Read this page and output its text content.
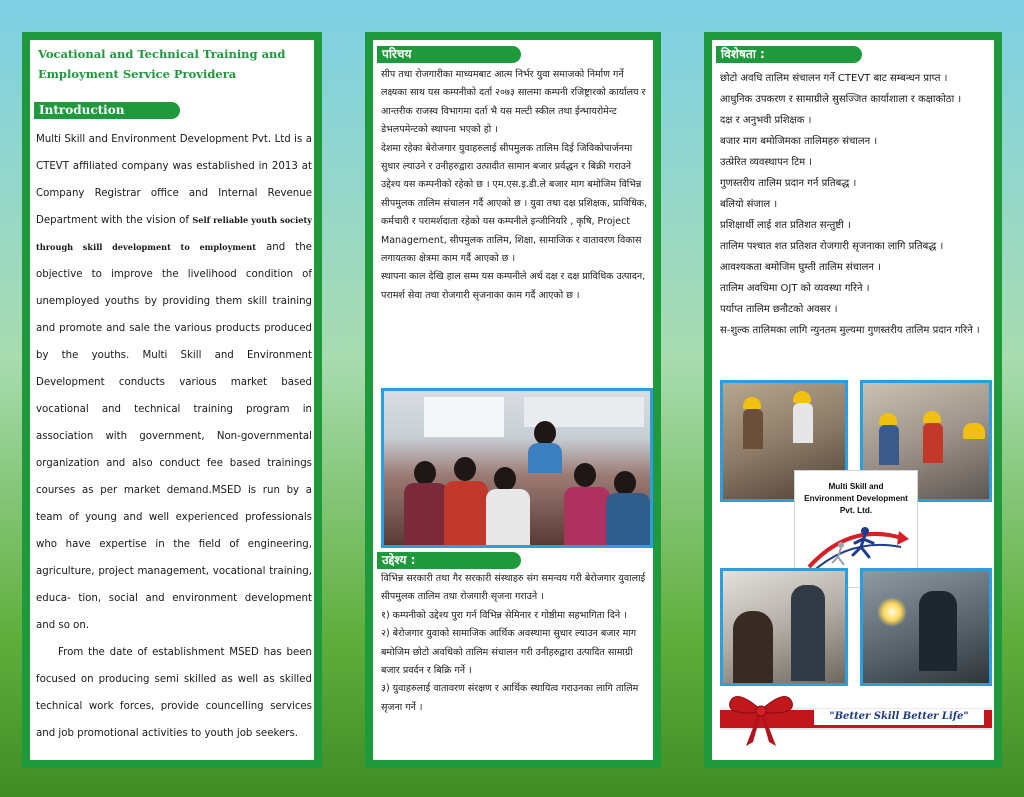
Vocational and Technical Training and Employment Service Providera
Introduction

Multi Skill and Environment Development Pvt. Ltd is a CTEVT affiliated company was established in 2013 at Company Registrar office and Internal Revenue Department with the vision of Self reliable youth society through skill development to employment and the objective to improve the livelihood condition of unemployed youths by providing them skill training and promote and sale the various products produced by the youths. Multi Skill and Environment Development conducts various market based vocational and technical training program in association with government, Non-governmental organization and also conduct fee based trainings courses as per market demand.MSED is run by a team of young and well experienced professionals who have expertise in the field of engineering, agriculture, project management, vocational training, educa- tion, social and environment development and so on.

From the date of establishment MSED has been focused on producing semi skilled as well as skilled technical work forces, provide councelling services and job promotional activities to youth job seekers.

परिचय

सीप तथा रोजगारीका माध्यमबाट आत्म निर्भर युवा समाजको निर्माण गर्ने लक्ष्यका साथ यस कम्पनीको दर्ता २०७३ सालमा कम्पनी रजिष्ट्रारको कार्यालय र आन्तरीक राजस्व विभागमा दर्ता भै यस मल्टी स्कील तथा ईन्भायरोमेन्ट डेभलपमेन्टको स्थापना भएको हो ।

देशमा रहेका बेरोजगार युवाहरुलाई सीपमुलक तालिम दिई जिविकोपार्जनमा सुधार ल्याउने र उनीहरुद्वारा उत्पादीत सामान बजार प्रर्वद्धन र बिक्री गराउने उद्देश्य यस कम्पनीको रहेको छ । एम.एस.इ.डी.ले बजार माग बमोजिम विभिन्न सीपमुलक तालिम संचालन गर्दै आएको छ । युवा तथा दक्ष प्रशिक्षक, प्राविधिक, कर्मचारी र परामर्शदाता रहेको यस कम्पनीले इन्जीनियरि , कृषि, Project Management, सीपमुलक तालिम, शिक्षा, सामाजिक र वातावरण विकास लगायतका क्षेत्रमा काम गर्दै आएको छ ।

स्थापना काल देखि हाल सम्म यस कम्पनीले अर्ध दक्ष र दक्ष प्राविधिक उत्पादन, परामर्श सेवा तथा रोजगारी सृजनाका काम गर्दै आएको छ ।

उद्देश्य :

विभिन्न सरकारी तथा गैर सरकारी संस्थाहरु संग समन्वय गरी बेरोजगार युवालाई सीपमुलक तालिम तथा रोजगारी सृजना गराउने ।

१) कम्पनीको उद्देश्य पुरा गर्न विभिन्न सेमिनार र गोष्ठीमा सहभागिता दिने ।

२) बेरोजगार युवाको सामाजिक आर्थिक अवस्थामा सुधार ल्याउन बजार माग बमोजिम छोटो अवधिको तालिम संचालन गरी उनीहरुद्वारा उत्पादित सामाग्री बजार प्रवर्दन र बिक्रि गर्ने ।

३) युवाहरुलाई वातावरण संरक्षण र आर्थिक स्थायित्व गराउनका लागि तालिम सृजना गर्ने ।

विशेषता :

छोटो अवधि तालिम संचालन गर्ने CTEVT बाट सम्बन्धन प्राप्त ।

आधुनिक उपकरण र सामाग्रीले सुसज्जित कार्याशाला र कक्षाकोठा ।

दक्ष र अनुभवी प्रशिक्षक ।

बजार माग बमोजिमका तालिमहरु संचालन ।

उत्प्रेरित व्यवस्थापन टिम ।

गुणस्तरीय तालिम प्रदान गर्न प्रतिबद्ध ।

बलियो संजाल ।

प्रशिक्षार्थी लाई शत प्रतिशत सन्तुष्टी ।

तालिम पश्चात शत प्रतिशत रोजगारी सृजनाका लागि प्रतिबद्ध ।

आवश्यकता बमोजिम घुम्ती तालिम संचालन ।

तालिम अवधिमा OJT को व्यवस्था गरिने ।

पर्याप्त तालिम छनौटको अवसर ।

स-शुल्क तालिमका लागि न्युनतम मुल्यमा गुणस्तरीय तालिम प्रदान गरिने ।

Multi Skill and
Environment Development
Pvt. Ltd.
"Better Skill Better Life"
